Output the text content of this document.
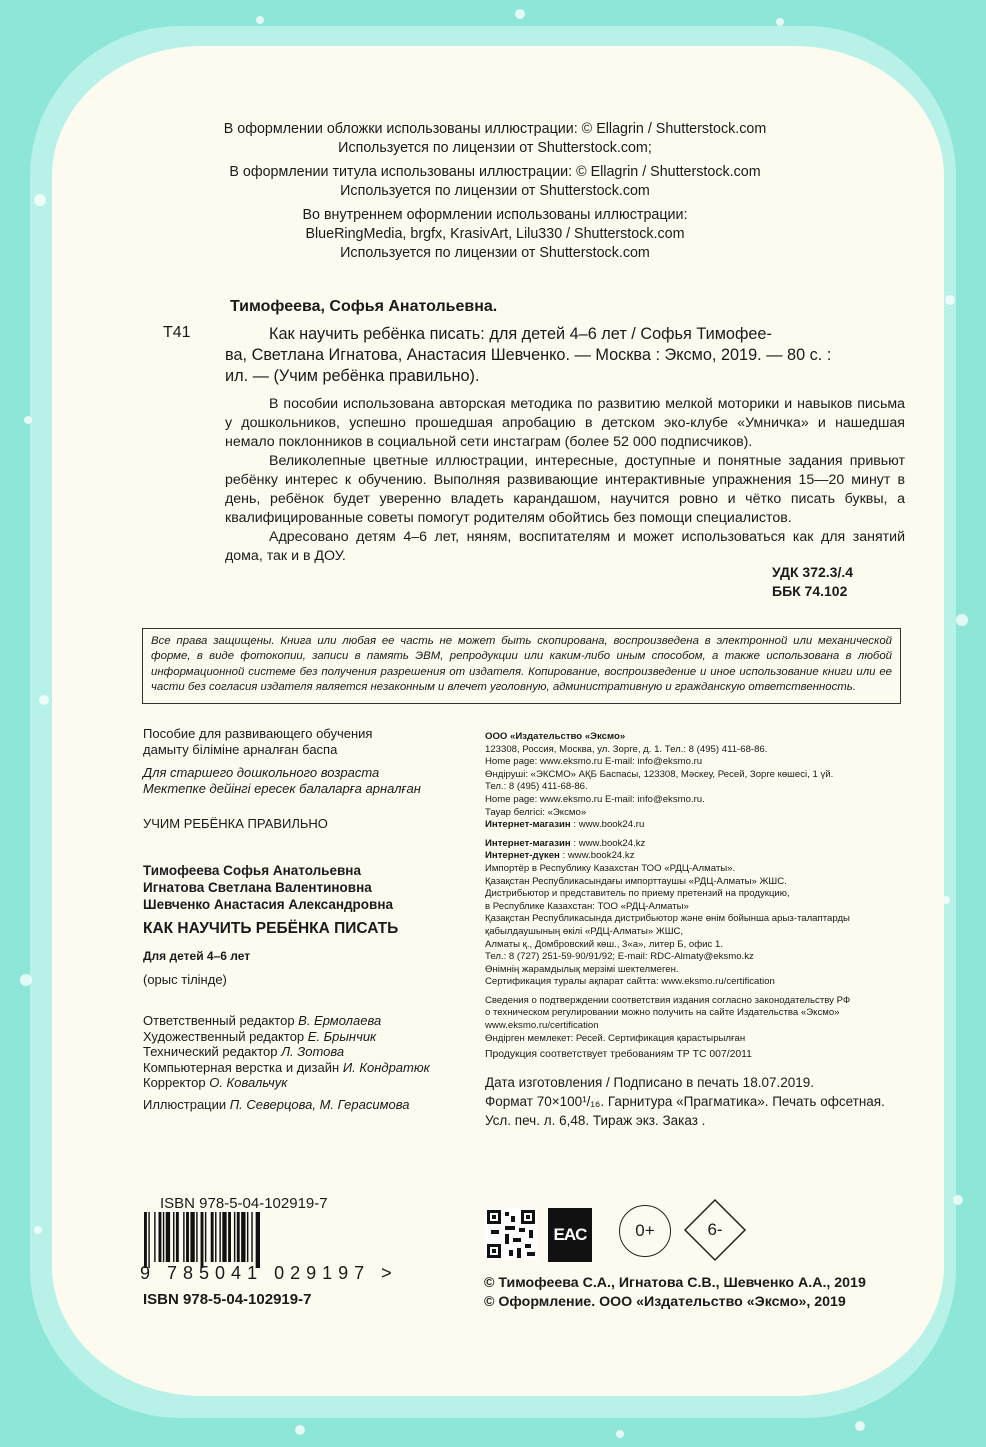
В оформлении обложки использованы иллюстрации: © Ellagrin / Shutterstock.com
Используется по лицензии от Shutterstock.com;
В оформлении титула использованы иллюстрации: © Ellagrin / Shutterstock.com
Используется по лицензии от Shutterstock.com
Во внутреннем оформлении использованы иллюстрации:
BlueRingMedia, brgfx, KrasivArt, Lilu330 / Shutterstock.com
Используется по лицензии от Shutterstock.com
Тимофеева, Софья Анатольевна.
Т41	Как научить ребёнка писать: для детей 4–6 лет / Софья Тимофее-
ва, Светлана Игнатова, Анастасия Шевченко. — Москва : Эксмо, 2019. — 80 с. :
ил. — (Учим ребёнка правильно).

В пособии использована авторская методика по развитию мелкой моторики и навыков письма у дошкольников, успешно прошедшая апробацию в детском эко-клубе «Умничка» и нашедшая немало поклонников в социальной сети инстаграм (более 52 000 подписчиков).

Великолепные цветные иллюстрации, интересные, доступные и понятные задания привьют ребёнку интерес к обучению. Выполняя развивающие интерактивные упражнения 15—20 минут в день, ребёнок будет уверенно владеть карандашом, научится ровно и чётко писать буквы, а квалифицированные советы помогут родителям обойтись без помощи специалистов.

Адресовано детям 4–6 лет, няням, воспитателям и может использоваться как для занятий дома, так и в ДОУ.

УДК 372.3/.4
ББК 74.102
Все права защищены. Книга или любая ее часть не может быть скопирована, воспроизведена в электронной или механической форме, в виде фотокопии, записи в память ЭВМ, репродукции или каким-либо иным способом, а также использована в любой информационной системе без получения разрешения от издателя. Копирование, воспроизведение и иное использование книги или ее части без согласия издателя является незаконным и влечет уголовную, административную и гражданскую ответственность.
Пособие для развивающего обучения
дамыту біліміне арналған баспа
Для старшего дошкольного возраста
Мектепке дейінгі ересек балаларға арналған
УЧИМ РЕБЁНКА ПРАВИЛЬНО
Тимофеева Софья Анатольевна
Игнатова Светлана Валентиновна
Шевченко Анастасия Александровна
КАК НАУЧИТЬ РЕБЁНКА ПИСАТЬ
Для детей 4–6 лет
(орыс тілінде)
Ответственный редактор В. Ермолаева
Художественный редактор Е. Брынчик
Технический редактор Л. Зотова
Компьютерная верстка и дизайн И. Кондратюк
Корректор О. Ковальчук
Иллюстрации П. Северцова, М. Герасимова
ООО «Издательство «Эксмо»
123308, Россия, Москва, ул. Зорге, д. 1. Тел.: 8 (495) 411-68-86.
Home page: www.eksmo.ru E-mail: info@eksmo.ru
Өндіруші: «ЭКСМО» АҚБ Баспасы, 123308, Мәскеу, Ресей, Зорге көшесі, 1 үй.
Тел.: 8 (495) 411-68-86.
Home page: www.eksmo.ru E-mail: info@eksmo.ru.
Тауар белгісі: «Эксмо»
Интернет-магазин : www.book24.ru
Интернет-магазин : www.book24.kz
Интернет-дүкен : www.book24.kz
Импортёр в Республику Казахстан ТОО «РДЦ-Алматы».
Қазақстан Республикасындағы импорттаушы «РДЦ-Алматы» ЖШС.
Дистрибьютор и представитель по приему претензий на продукцию,
в Республике Казахстан: ТОО «РДЦ-Алматы»
Қазақстан Республикасында дистрибьютор және өнім бойынша арыз-талаптарды
қабылдаушының өкілі «РДЦ-Алматы» ЖШС,
Алматы қ., Домбровский көш., 3«а», литер Б, офис 1.
Тел.: 8 (727) 251-59-90/91/92; E-mail: RDC-Almaty@eksmo.kz
Өнімнің жарамдылық мерзімі шектелмеген.
Сертификация туралы ақпарат сайтта: www.eksmo.ru/certification
Сведения о подтверждении соответствия издания согласно законодательству РФ
о техническом регулировании можно получить на сайте Издательства «Эксмо»
www.eksmo.ru/certification
Өндірген мемлекет: Ресей. Сертификация қарастырылған
Продукция соответствует требованиям ТР ТС 007/2011
Дата изготовления / Подписано в печать 18.07.2019.
Формат 70×100¹/₁₆. Гарнитура «Прагматика». Печать офсетная.
Усл. печ. л. 6,48. Тираж экз. Заказ .
ISBN 978-5-04-102919-7
9 785041 029197 >
ISBN 978-5-04-102919-7
EAC	0+	6-
© Тимофеева С.А., Игнатова С.В., Шевченко А.А., 2019
© Оформление. ООО «Издательство «Эксмо», 2019
